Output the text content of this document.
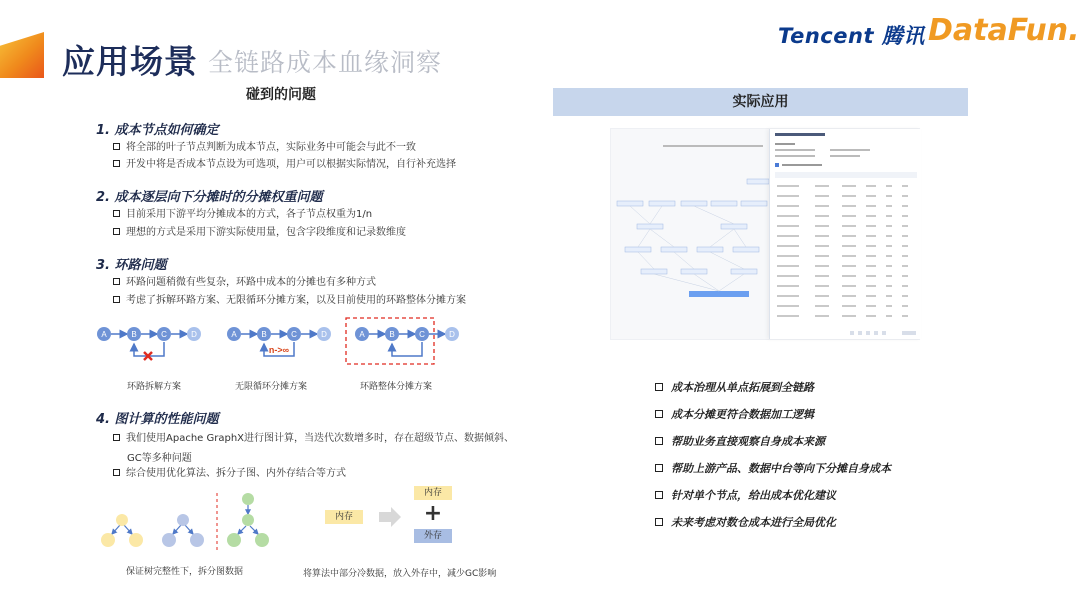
应用场景 全链路成本血缘洞察
Tencent 腾讯 DataFun.
碰到的问题
1. 成本节点如何确定
将全部的叶子节点判断为成本节点，实际业务中可能会与此不一致
开发中将是否成本节点设为可选项，用户可以根据实际情况，自行补充选择
2. 成本逐层向下分摊时的分摊权重问题
目前采用下游平均分摊成本的方式，各子节点权重为1/n
理想的方式是采用下游实际使用量，包含字段维度和记录数维度
3. 环路问题
环路问题稍微有些复杂，环路中成本的分摊也有多种方式
考虑了拆解环路方案、无限循环分摊方案，以及目前使用的环路整体分摊方案
A	B	C	D	A	B	C	D
n->∞
A	B	C	D
环路拆解方案	无限循环分摊方案	环路整体分摊方案
4. 图计算的性能问题
我们使用Apache GraphX进行图计算，当迭代次数增多时，存在超级节点、数据倾斜、
GC等多种问题
综合使用优化算法、拆分子图、内外存结合等方式
保证树完整性下，拆分图数据
内存
内存
+
外存
将算法中部分冷数据，放入外存中，减少GC影响
实际应用
成本治理从单点拓展到全链路
成本分摊更符合数据加工逻辑
帮助业务直接观察自身成本来源
帮助上游产品、数据中台等向下分摊自身成本
针对单个节点，给出成本优化建议
未来考虑对数仓成本进行全局优化
